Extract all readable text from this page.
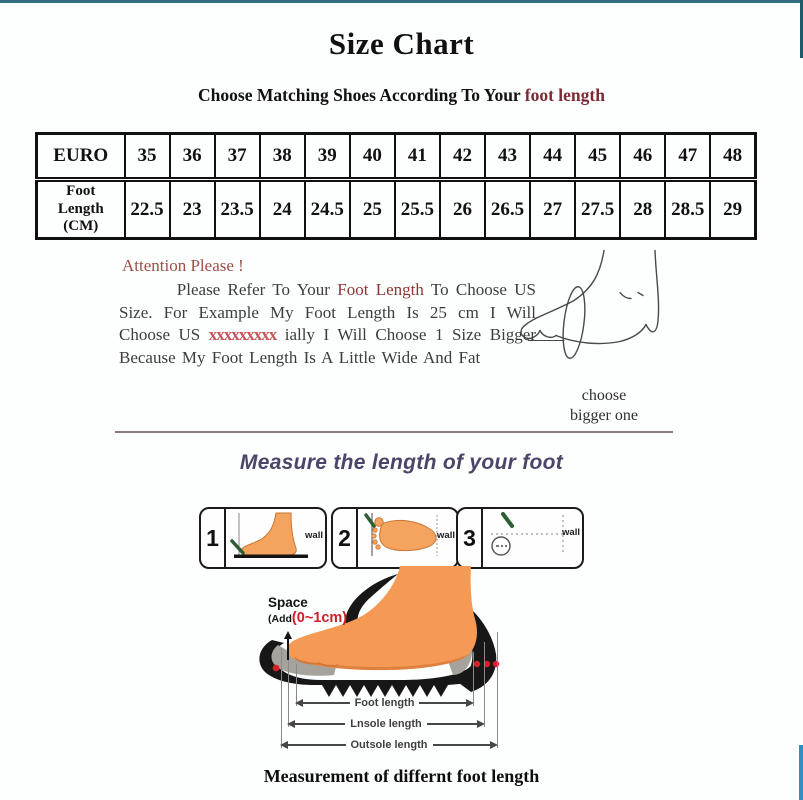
Size Chart
Choose Matching Shoes According To Your foot length
EURO	35	36	37	38	39	40	41	42	43	44	45	46	47	48
Foot Length (CM)	22.5	23	23.5	24	24.5	25	25.5	26	26.5	27	27.5	28	28.5	29

Attention Please !

Please Refer To Your Foot Length To Choose US Size. For Example My Foot Length Is 25 cm I Will Choose US xxxxxxxxx ially I Will Choose 1 Size Bigger Because My Foot Length Is A Little Wide And Fat

choose
bigger one
Measure the length of your foot
1	wall 2	wall 3	wall
Space
(Add(0~1cm)
Foot length
Lnsole length
Outsole length
Measurement of differnt foot length
